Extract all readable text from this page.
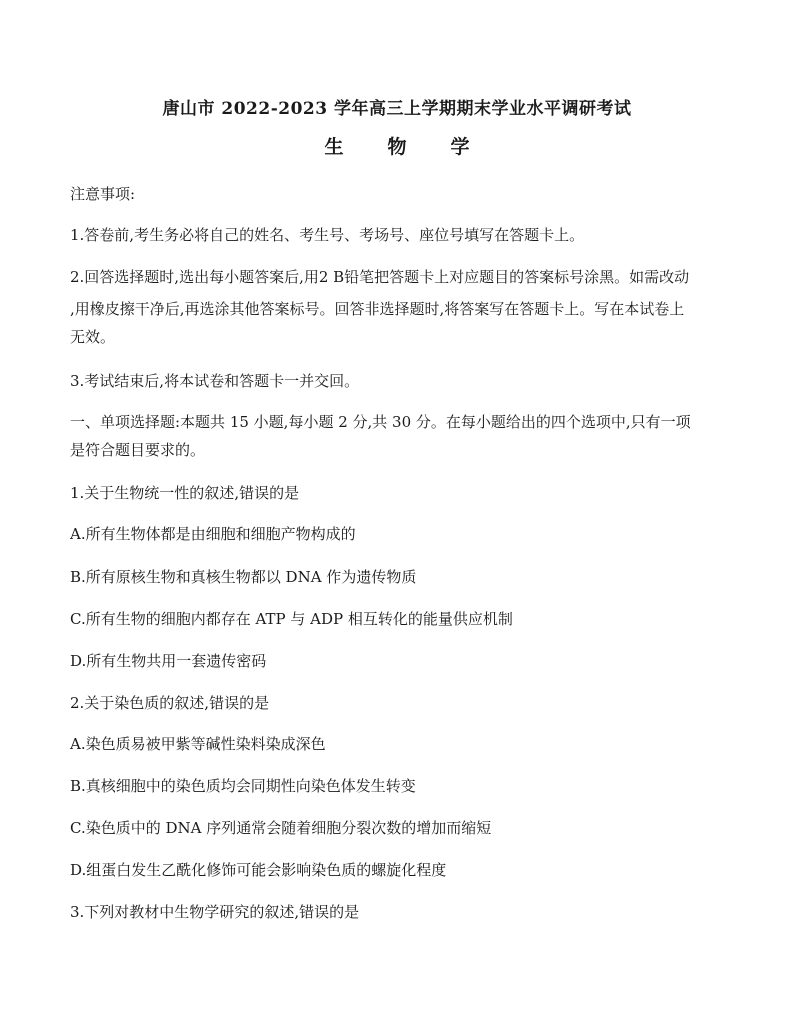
唐山市 2022-2023 学年高三上学期期末学业水平调研考试
生 物 学
注意事项:
1.答卷前,考生务必将自己的姓名、考生号、考场号、座位号填写在答题卡上。
2.回答选择题时,选出每小题答案后,用2 B铅笔把答题卡上对应题目的答案标号涂黑。如需改动
,用橡皮擦干净后,再选涂其他答案标号。回答非选择题时,将答案写在答题卡上。写在本试卷上
无效。
3.考试结束后,将本试卷和答题卡一并交回。
一、单项选择题:本题共 15 小题,每小题 2 分,共 30 分。在每小题给出的四个选项中,只有一项
是符合题目要求的。
1.关于生物统一性的叙述,错误的是
A.所有生物体都是由细胞和细胞产物构成的
B.所有原核生物和真核生物都以 DNA 作为遗传物质
C.所有生物的细胞内都存在 ATP 与 ADP 相互转化的能量供应机制
D.所有生物共用一套遗传密码
2.关于染色质的叙述,错误的是
A.染色质易被甲紫等碱性染料染成深色
B.真核细胞中的染色质均会同期性向染色体发生转变
C.染色质中的 DNA 序列通常会随着细胞分裂次数的增加而缩短
D.组蛋白发生乙酰化修饰可能会影响染色质的螺旋化程度
3.下列对教材中生物学研究的叙述,错误的是
